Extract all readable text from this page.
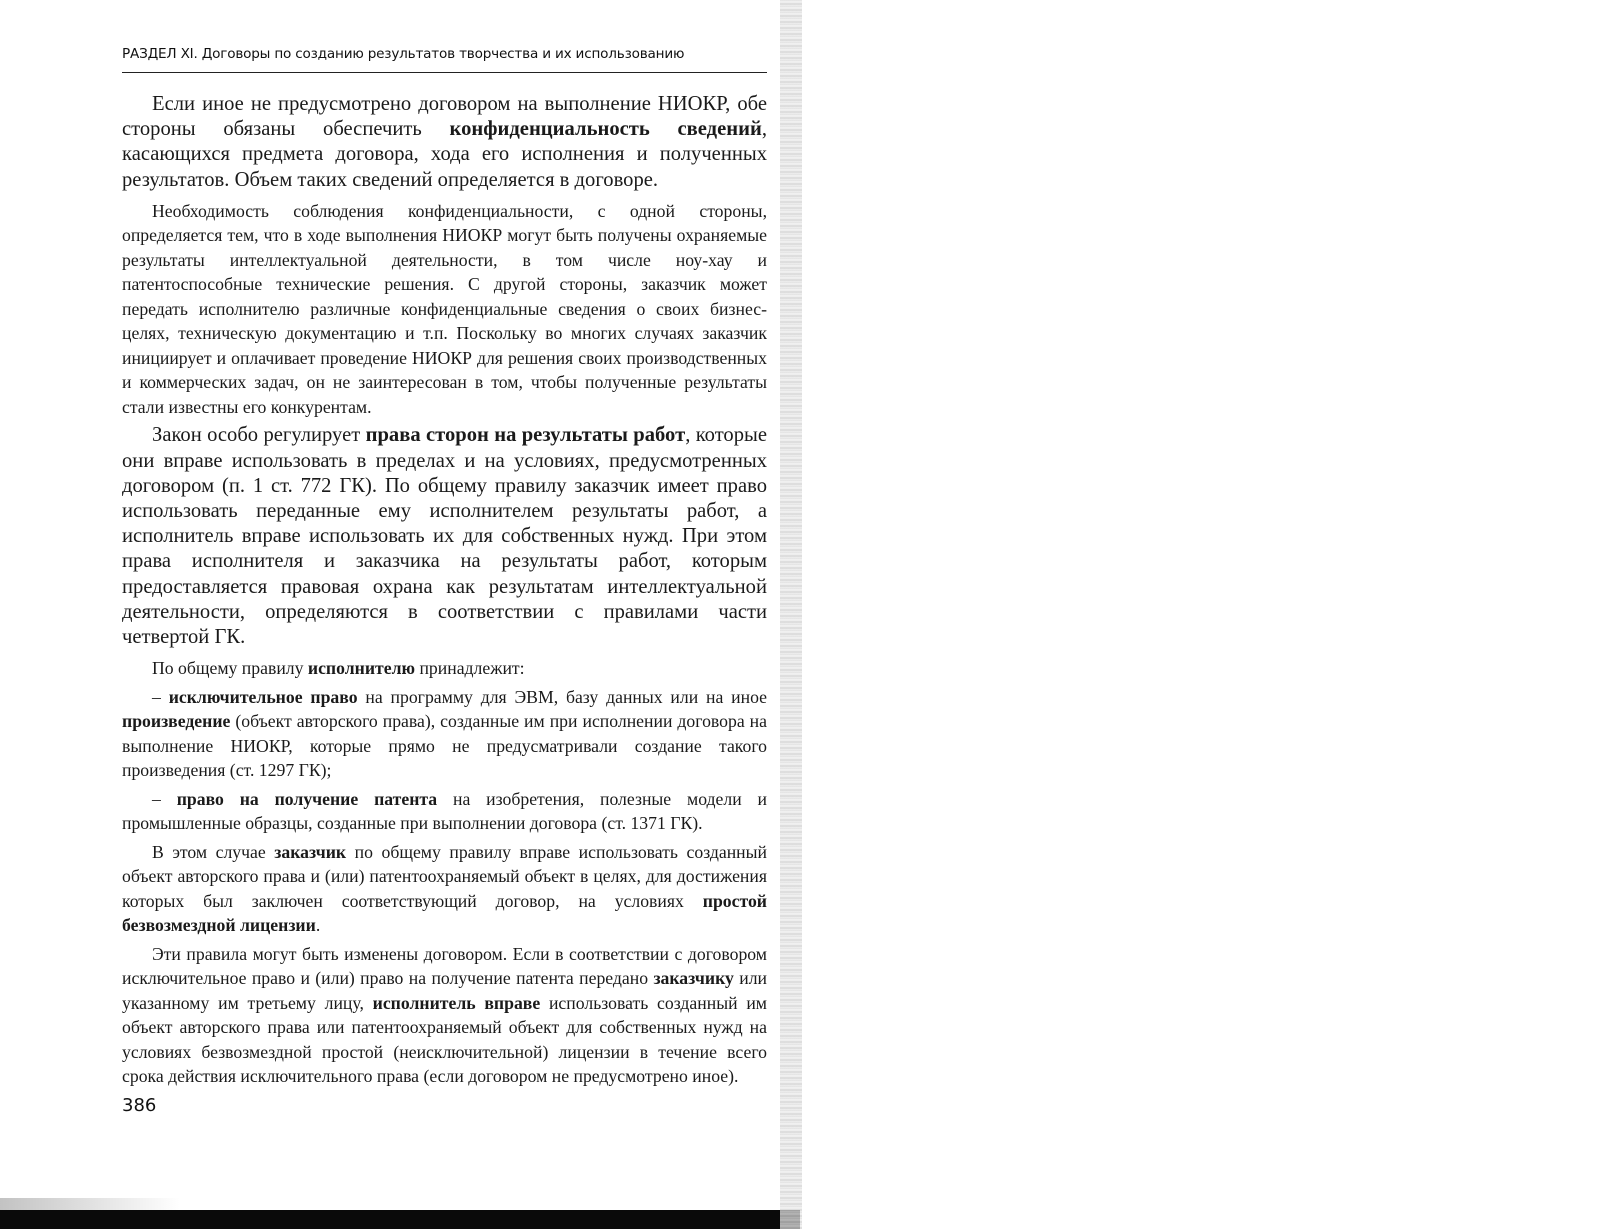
РАЗДЕЛ XI. Договоры по созданию результатов творчества и их использованию

Если иное не предусмотрено договором на выполнение НИОКР, обе стороны обязаны обеспечить конфиденциальность сведений, касающихся предмета договора, хода его исполнения и полученных результатов. Объем таких сведений определяется в договоре.

Необходимость соблюдения конфиденциальности, с одной стороны, определяется тем, что в ходе выполнения НИОКР могут быть получены охраняемые результаты интеллектуальной деятельности, в том числе ноу-хау и патентоспособные технические решения. С другой стороны, заказчик может передать исполнителю различные конфиденциальные сведения о своих бизнес-целях, техническую документацию и т.п. Поскольку во многих случаях заказчик инициирует и оплачивает проведение НИОКР для решения своих производственных и коммерческих задач, он не заинтересован в том, чтобы полученные результаты стали известны его конкурентам.

Закон особо регулирует права сторон на результаты работ, которые они вправе использовать в пределах и на условиях, предусмотренных договором (п. 1 ст. 772 ГК). По общему правилу заказчик имеет право использовать переданные ему исполнителем результаты работ, а исполнитель вправе использовать их для собственных нужд. При этом права исполнителя и заказчика на результаты работ, которым предоставляется правовая охрана как результатам интеллектуальной деятельности, определяются в соответствии с правилами части четвертой ГК.

По общему правилу исполнителю принадлежит:

– исключительное право на программу для ЭВМ, базу данных или на иное произведение (объект авторского права), созданные им при исполнении договора на выполнение НИОКР, которые прямо не предусматривали создание такого произведения (ст. 1297 ГК);

– право на получение патента на изобретения, полезные модели и промышленные образцы, созданные при выполнении договора (ст. 1371 ГК).

В этом случае заказчик по общему правилу вправе использовать созданный объект авторского права и (или) патентоохраняемый объект в целях, для достижения которых был заключен соответствующий договор, на условиях простой безвозмездной лицензии.

Эти правила могут быть изменены договором. Если в соответствии с договором исключительное право и (или) право на получение патента передано заказчику или указанному им третьему лицу, исполнитель вправе использовать созданный им объект авторского права или патентоохраняемый объект для собственных нужд на условиях безвозмездной простой (неисключительной) лицензии в течение всего срока действия исключительного права (если договором не предусмотрено иное).

386
